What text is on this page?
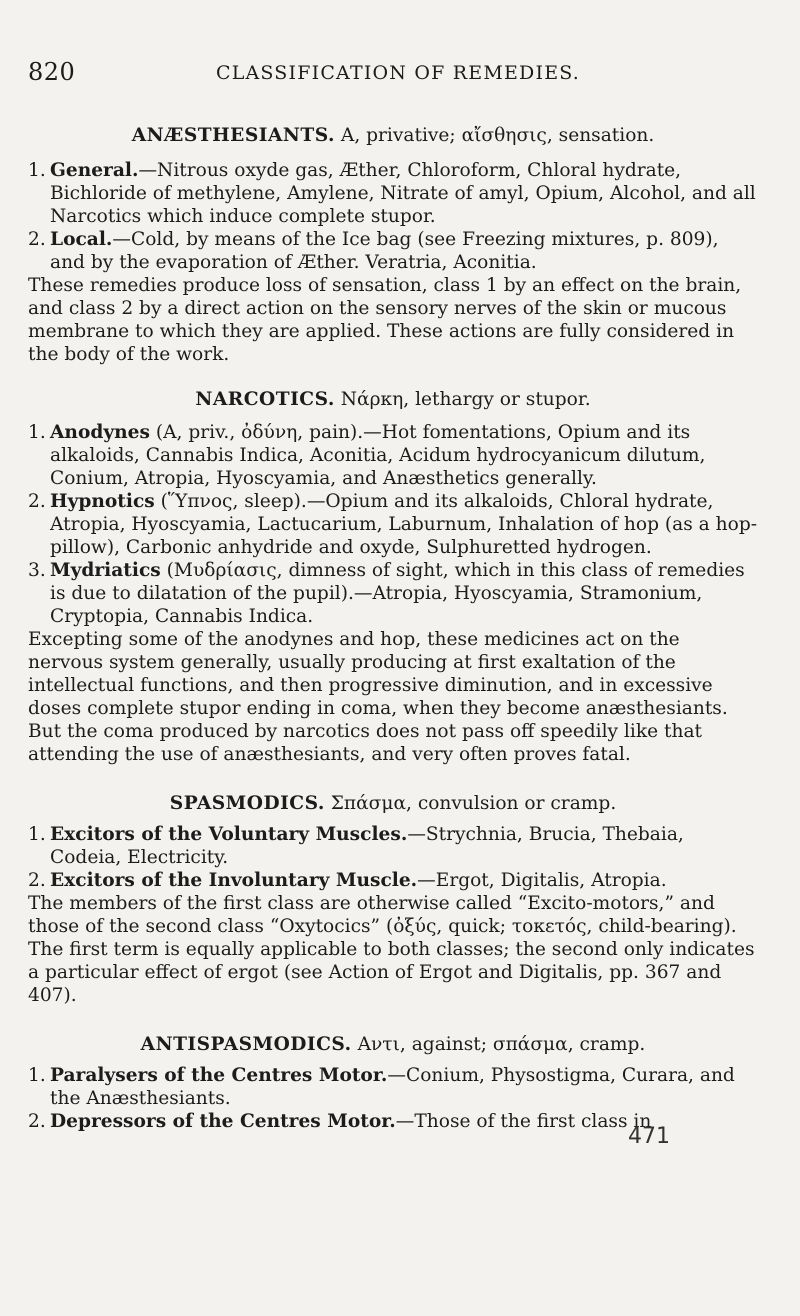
820	CLASSIFICATION OF REMEDIES.

ANÆSTHESIANTS. A, privative; αἴσθησις, sensation.

1. General.—Nitrous oxyde gas, Æther, Chloroform, Chloral hydrate, Bichloride of methylene, Amylene, Nitrate of amyl, Opium, Alcohol, and all Narcotics which induce complete stupor.

2. Local.—Cold, by means of the Ice bag (see Freezing mixtures, p. 809), and by the evaporation of Æther. Veratria, Aconitia.

These remedies produce loss of sensation, class 1 by an effect on the brain, and class 2 by a direct action on the sensory nerves of the skin or mucous membrane to which they are applied. These actions are fully considered in the body of the work.

NARCOTICS. Νάρκη, lethargy or stupor.

1. Anodynes (A, priv., ὀδύνη, pain).—Hot fomentations, Opium and its alkaloids, Cannabis Indica, Aconitia, Acidum hydrocyanicum dilutum, Conium, Atropia, Hyoscyamia, and Anæsthetics generally.

2. Hypnotics (Ὕπνος, sleep).—Opium and its alkaloids, Chloral hydrate, Atropia, Hyoscyamia, Lactucarium, Laburnum, Inhalation of hop (as a hop-pillow), Carbonic anhydride and oxyde, Sulphuretted hydrogen.

3. Mydriatics (Μυδρίασις, dimness of sight, which in this class of remedies is due to dilatation of the pupil).—Atropia, Hyoscyamia, Stramonium, Cryptopia, Cannabis Indica.

Excepting some of the anodynes and hop, these medicines act on the nervous system generally, usually producing at first exaltation of the intellectual functions, and then progressive diminution, and in excessive doses complete stupor ending in coma, when they become anæsthesiants. But the coma produced by narcotics does not pass off speedily like that attending the use of anæsthesiants, and very often proves fatal.

SPASMODICS. Σπάσμα, convulsion or cramp.

1. Excitors of the Voluntary Muscles.—Strychnia, Brucia, Thebaia, Codeia, Electricity.

2. Excitors of the Involuntary Muscle.—Ergot, Digitalis, Atropia.

The members of the first class are otherwise called “Excito-motors,” and those of the second class “Oxytocics” (ὀξύς, quick; τοκετός, child-bearing). The first term is equally applicable to both classes; the second only indicates a particular effect of ergot (see Action of Ergot and Digitalis, pp. 367 and 407).

ANTISPASMODICS. Αντι, against; σπάσμα, cramp.

1. Paralysers of the Centres Motor.—Conium, Physostigma, Curara, and the Anæsthesiants.

2. Depressors of the Centres Motor.—Those of the first class in

471
